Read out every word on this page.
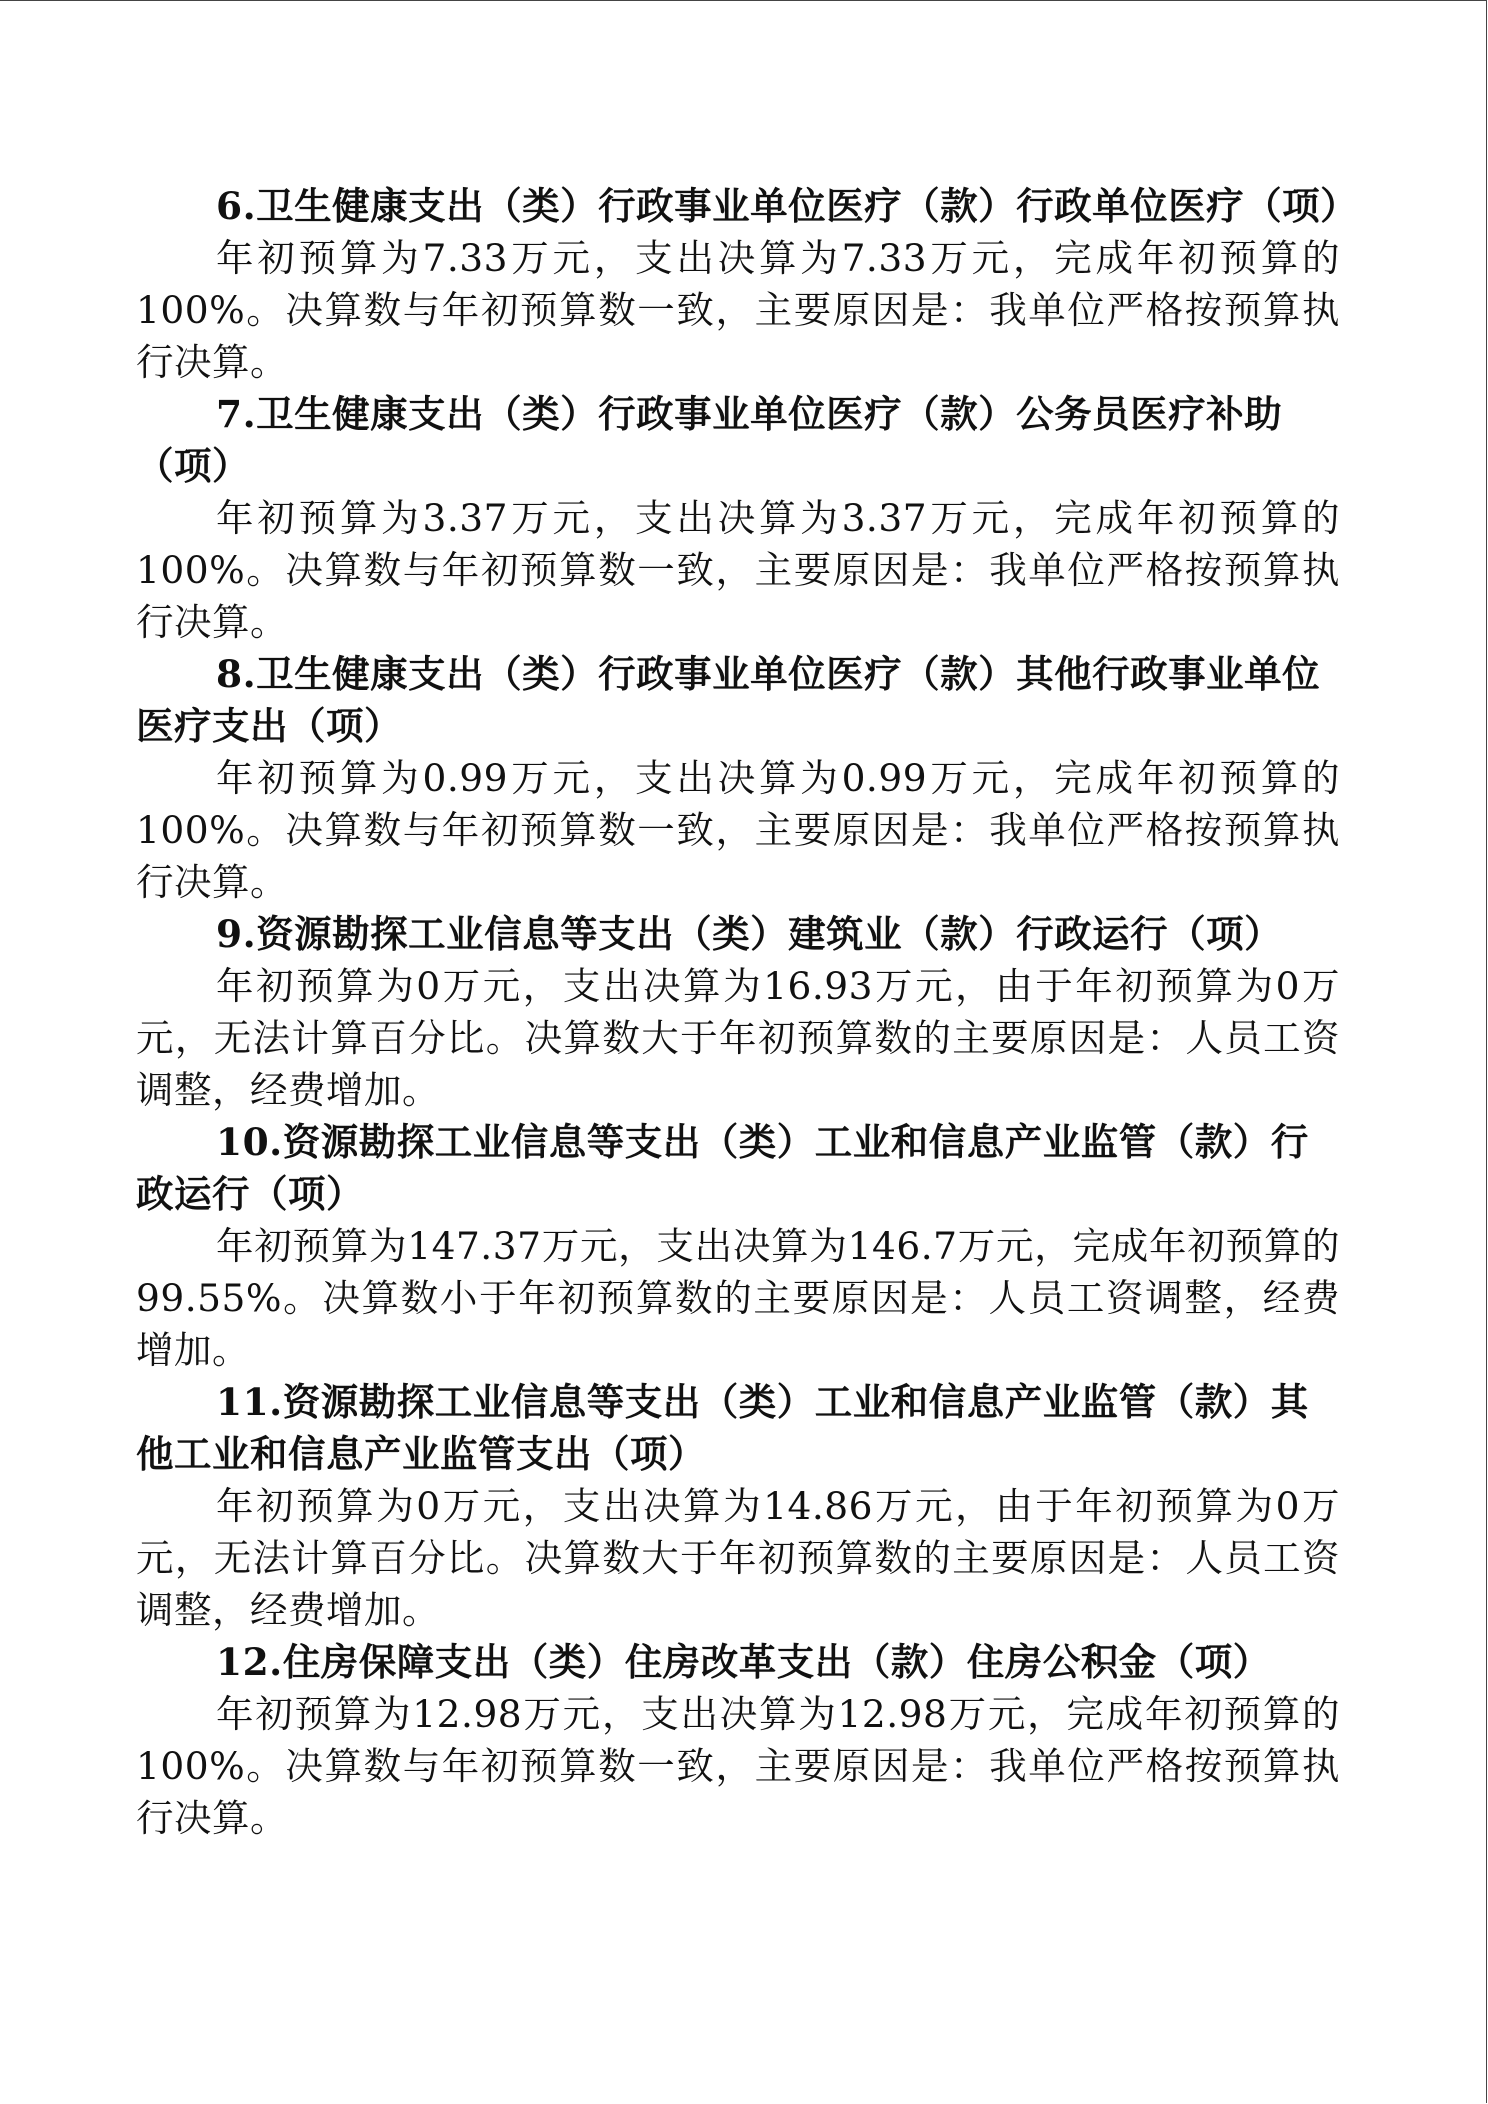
6.卫生健康支出（类）行政事业单位医疗（款）行政单位医疗（项）

年初预算为7.33万元，支出决算为7.33万元，完成年初预算的100%。决算数与年初预算数一致，主要原因是：我单位严格按预算执行决算。

7.卫生健康支出（类）行政事业单位医疗（款）公务员医疗补助（项）

年初预算为3.37万元，支出决算为3.37万元，完成年初预算的100%。决算数与年初预算数一致，主要原因是：我单位严格按预算执行决算。

8.卫生健康支出（类）行政事业单位医疗（款）其他行政事业单位医疗支出（项）

年初预算为0.99万元，支出决算为0.99万元，完成年初预算的100%。决算数与年初预算数一致，主要原因是：我单位严格按预算执行决算。

9.资源勘探工业信息等支出（类）建筑业（款）行政运行（项）

年初预算为0万元，支出决算为16.93万元，由于年初预算为0万元，无法计算百分比。决算数大于年初预算数的主要原因是：人员工资调整，经费增加。

10.资源勘探工业信息等支出（类）工业和信息产业监管（款）行政运行（项）

年初预算为147.37万元，支出决算为146.7万元，完成年初预算的99.55%。决算数小于年初预算数的主要原因是：人员工资调整，经费增加。

11.资源勘探工业信息等支出（类）工业和信息产业监管（款）其他工业和信息产业监管支出（项）

年初预算为0万元，支出决算为14.86万元，由于年初预算为0万元，无法计算百分比。决算数大于年初预算数的主要原因是：人员工资调整，经费增加。

12.住房保障支出（类）住房改革支出（款）住房公积金（项）

年初预算为12.98万元，支出决算为12.98万元，完成年初预算的100%。决算数与年初预算数一致，主要原因是：我单位严格按预算执行决算。
